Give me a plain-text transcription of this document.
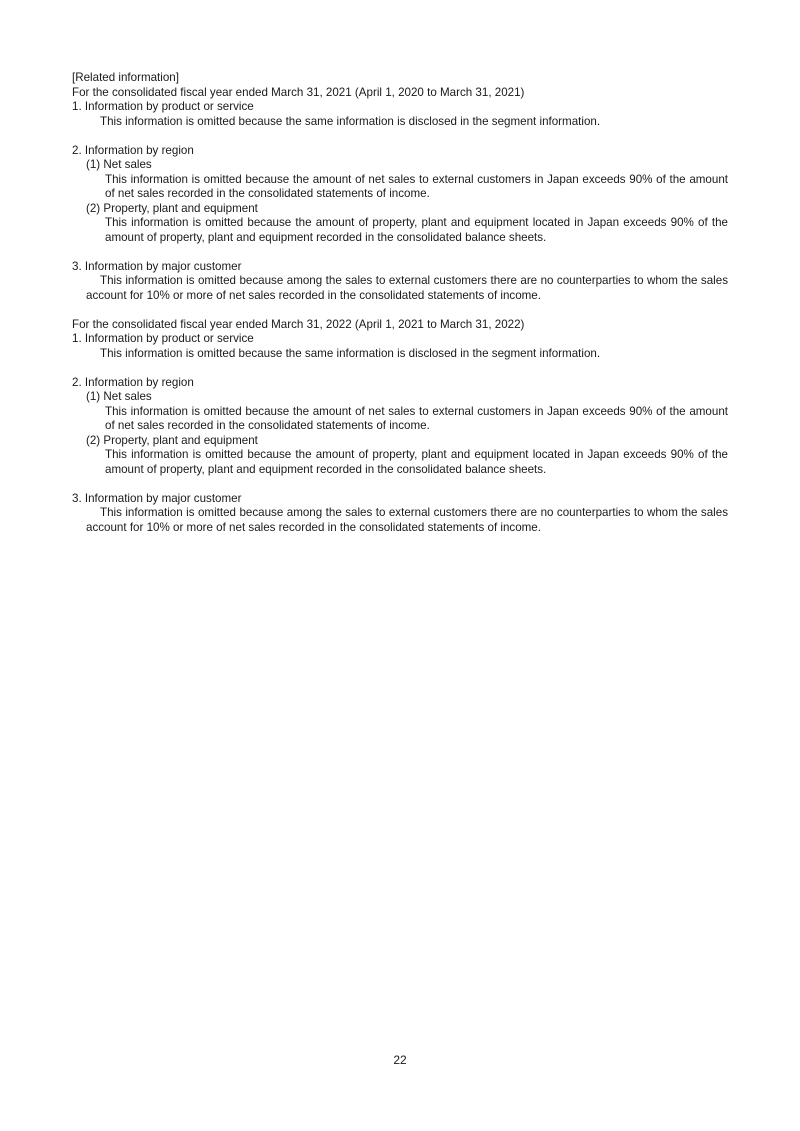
[Related information]
For the consolidated fiscal year ended March 31, 2021 (April 1, 2020 to March 31, 2021)
1. Information by product or service
This information is omitted because the same information is disclosed in the segment information.
2. Information by region
(1) Net sales
This information is omitted because the amount of net sales to external customers in Japan exceeds 90% of the amount of net sales recorded in the consolidated statements of income.
(2) Property, plant and equipment
This information is omitted because the amount of property, plant and equipment located in Japan exceeds 90% of the amount of property, plant and equipment recorded in the consolidated balance sheets.
3. Information by major customer
This information is omitted because among the sales to external customers there are no counterparties to whom the sales account for 10% or more of net sales recorded in the consolidated statements of income.
For the consolidated fiscal year ended March 31, 2022 (April 1, 2021 to March 31, 2022)
1. Information by product or service
This information is omitted because the same information is disclosed in the segment information.
2. Information by region
(1) Net sales
This information is omitted because the amount of net sales to external customers in Japan exceeds 90% of the amount of net sales recorded in the consolidated statements of income.
(2) Property, plant and equipment
This information is omitted because the amount of property, plant and equipment located in Japan exceeds 90% of the amount of property, plant and equipment recorded in the consolidated balance sheets.
3. Information by major customer
This information is omitted because among the sales to external customers there are no counterparties to whom the sales account for 10% or more of net sales recorded in the consolidated statements of income.
22
